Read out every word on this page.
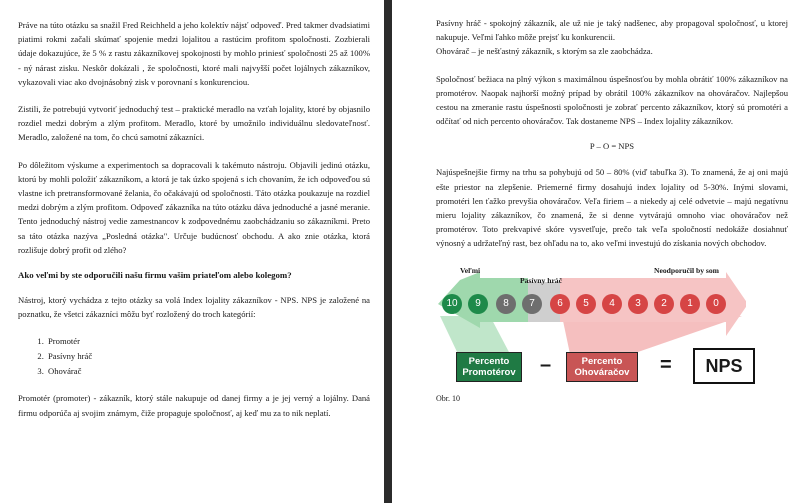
Práve na túto otázku sa snažil Fred Reichheld a jeho kolektív nájsť odpoveď. Pred takmer dvadsiatimi piatimi rokmi začali skúmať spojenie medzi lojalitou a rastúcim profitom spoločnosti. Zozbierali údaje dokazujúce, že 5 % z rastu zákazníkovej spokojnosti by mohlo priniesť spoločnosti 25 až 100% - ný nárast zisku. Neskôr dokázali , že spoločnosti, ktoré mali najvyšší počet lojálnych zákazníkov, vykazovali viac ako dvojnásobný zisk v porovnaní s konkurenciou.

Zistili, že potrebujú vytvoriť jednoduchý test – praktické meradlo na vzťah lojality, ktoré by objasnilo rozdiel medzi dobrým a zlým profitom. Meradlo, ktoré by umožnilo individuálnu sledovateľnosť. Meradlo, založené na tom, čo chcú samotní zákazníci.

Po dôležitom výskume a experimentoch sa dopracovali k takémuto nástroju. Objavili jedinú otázku, ktorú by mohli položiť zákazníkom, a ktorá je tak úzko spojená s ich chovaním, že ich odpoveďou sú vlastne ich pretransformované želania, čo očakávajú od spoločnosti. Táto otázka poukazuje na rozdiel medzi dobrým a zlým profitom. Odpoveď zákazníka na túto otázku dáva jednoduché a jasné meranie. Tento jednoduchý nástroj vedie zamestnancov k zodpovednému zaobchádzaniu so zákazníkmi. Preto sa táto otázka nazýva „Posledná otázka". Určuje budúcnosť obchodu. A ako znie otázka, ktorá rozlišuje dobrý profit od zlého?

Ako veľmi by ste odporučili našu firmu vašim priateľom alebo kolegom?

Nástroj, ktorý vychádza z tejto otázky sa volá Index lojality zákazníkov - NPS. NPS je založené na poznatku, že všetci zákazníci môžu byť rozložený do troch kategórií:

1. Promotér
2. Pasívny hráč
3. Ohovárač

Promotér (promoter) - zákazník, ktorý stále nakupuje od danej firmy a je jej verný a lojálny. Daná firmu odporúča aj svojim známym, čiže propaguje spoločnosť, aj keď mu za to nik neplatí.

Pasívny hráč - spokojný zákazník, ale už nie je taký nadšenec, aby propagoval spoločnosť, u ktorej nakupuje. Veľmi ľahko môže prejsť ku konkurencii.
Ohovárač – je nešťastný zákazník, s ktorým sa zle zaobchádza.

Spoločnosť bežiaca na plný výkon s maximálnou úspešnosťou by mohla obrátiť 100% zákazníkov na promotérov. Naopak najhorší možný prípad by obrátil 100% zákazníkov na ohováračov. Najlepšou cestou na zmeranie rastu úspešnosti spoločnosti je zobrať percento zákazníkov, ktorý sú promotéri a odčítať od nich percento ohováračov. Tak dostaneme NPS – Index lojality zákazníkov.

P – O = NPS

Najúspešnejšie firmy na trhu sa pohybujú od 50 – 80% (viď tabuľka 3). To znamená, že aj oni majú ešte priestor na zlepšenie. Priemerné firmy dosahujú index lojality od 5-30%. Inými slovami, promotéri len ťažko prevyšia ohováračov. Veľa firiem – a niekedy aj celé odvetvie – majú negatívnu mieru lojality zákazníkov, čo znamená, že si denne vytvárajú omnoho viac ohováračov než promotérov. Toto prekvapivé skóre vysvetľuje, prečo tak veľa spoločností nedokáže dosiahnuť výnosný a udržateľný rast, bez ohľadu na to, ako veľmi investujú do získania nových obchodov.

Veľmi
Pasívny hráč
Neodporučil by som
10	9	8	7	6	5	4	3	2	1	0
Percento Promotérov	–	Percento Ohováračov	=	NPS
Obr. 10
